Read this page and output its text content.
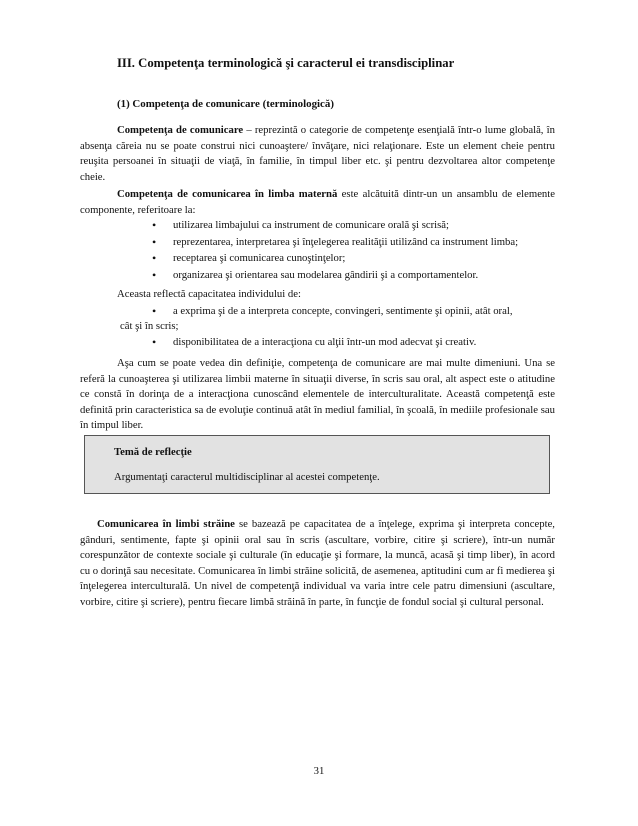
III. Competenţa terminologică şi caracterul ei transdisciplinar
(1) Competenţa de comunicare (terminologică)
Competenţa de comunicare – reprezintă o categorie de competenţe esenţială într-o lume globală, în absenţa căreia nu se poate construi nici cunoaştere/ învăţare, nici relaţionare. Este un element cheie pentru reuşita persoanei în situaţii de viaţă, în familie, în timpul liber etc. şi pentru dezvoltarea altor competenţe cheie.
Competenţa de comunicarea în limba maternă este alcătuită dintr-un un ansamblu de elemente componente, referitoare la:
• utilizarea limbajului ca instrument de comunicare orală şi scrisă;
• reprezentarea, interpretarea şi înţelegerea realităţii utilizând ca instrument limba;
• receptarea şi comunicarea cunoştinţelor;
• organizarea şi orientarea sau modelarea gândirii şi a comportamentelor.
Aceasta reflectă capacitatea individului de:
• a exprima şi de a interpreta concepte, convingeri, sentimente şi opinii, atât oral,
cât şi în scris;
• disponibilitatea de a interacţiona cu alţii într-un mod adecvat şi creativ.
Aşa cum se poate vedea din definiţie, competenţa de comunicare are mai multe dimeniuni. Una se referă la cunoaşterea şi utilizarea limbii materne în situaţii diverse, în scris sau oral, alt aspect este o atitudine ce constă în dorinţa de a interacţiona cunoscând elementele de interculturalitate. Această competenţă este definită prin caracteristica sa de evoluţie continuă atât în mediul familial, în şcoală, în mediile profesionale sau în timpul liber.
Temă de reflecţie
Argumentaţi caracterul multidisciplinar al acestei competenţe.
Comunicarea în limbi străine se bazează pe capacitatea de a înţelege, exprima şi interpreta concepte, gânduri, sentimente, fapte şi opinii oral sau în scris (ascultare, vorbire, citire şi scriere), într-un număr corespunzător de contexte sociale şi culturale (în educaţie şi formare, la muncă, acasă şi timp liber), în acord cu o dorinţă sau necesitate. Comunicarea în limbi străine solicită, de asemenea, aptitudini cum ar fi medierea şi înţelegerea interculturală. Un nivel de competenţă individual va varia intre cele patru dimensiuni (ascultare, vorbire, citire şi scriere), pentru fiecare limbă străină în parte, în funcţie de fondul social şi cultural personal.
31
